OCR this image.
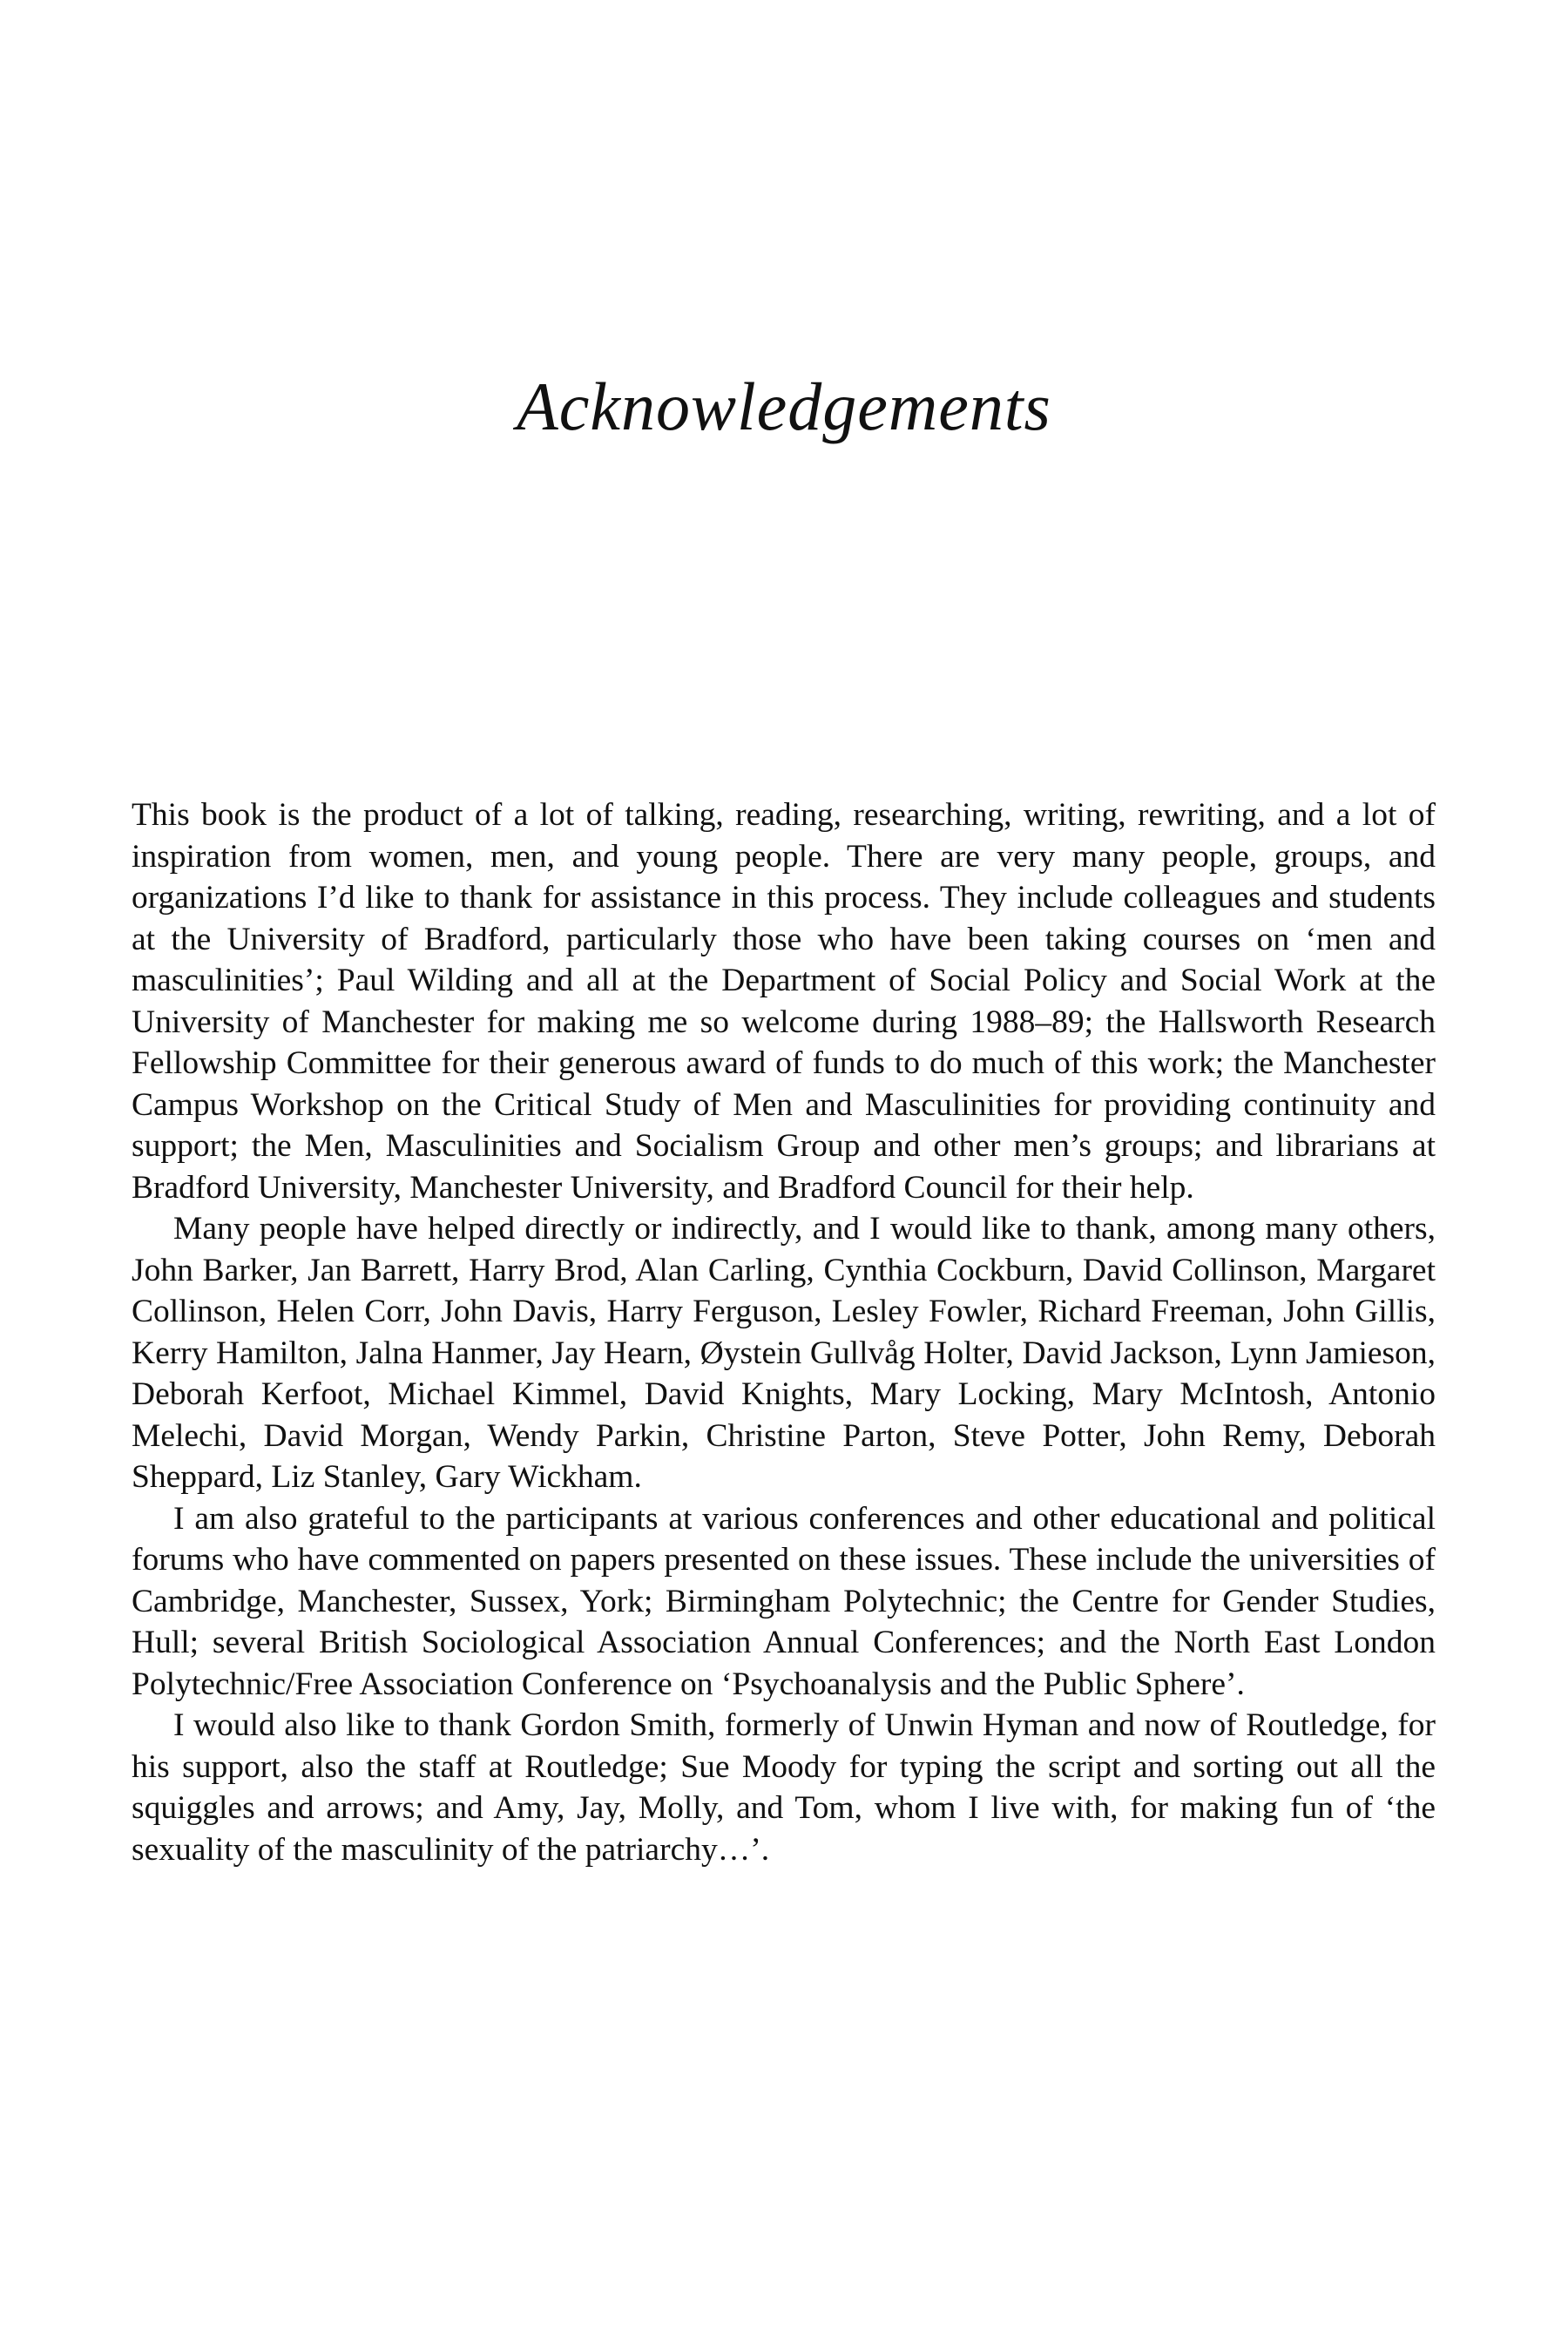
Acknowledgements

This book is the product of a lot of talking, reading, researching, writing, rewriting, and a lot of inspiration from women, men, and young people. There are very many people, groups, and organizations I’d like to thank for assistance in this process. They include colleagues and students at the University of Bradford, particularly those who have been taking courses on ‘men and masculinities’; Paul Wilding and all at the Department of Social Policy and Social Work at the University of Manchester for making me so welcome during 1988–89; the Hallsworth Research Fellowship Committee for their generous award of funds to do much of this work; the Manchester Campus Workshop on the Critical Study of Men and Masculinities for providing continuity and support; the Men, Masculinities and Socialism Group and other men’s groups; and librarians at Bradford University, Manchester University, and Bradford Council for their help.

Many people have helped directly or indirectly, and I would like to thank, among many others, John Barker, Jan Barrett, Harry Brod, Alan Carling, Cynthia Cockburn, David Collinson, Margaret Collinson, Helen Corr, John Davis, Harry Ferguson, Lesley Fowler, Richard Freeman, John Gillis, Kerry Hamilton, Jalna Hanmer, Jay Hearn, Øystein Gullvåg Holter, David Jackson, Lynn Jamieson, Deborah Kerfoot, Michael Kimmel, David Knights, Mary Locking, Mary McIntosh, Antonio Melechi, David Morgan, Wendy Parkin, Christine Parton, Steve Potter, John Remy, Deborah Sheppard, Liz Stanley, Gary Wickham.

I am also grateful to the participants at various conferences and other educational and political forums who have commented on papers presented on these issues. These include the universities of Cambridge, Manchester, Sussex, York; Birmingham Polytechnic; the Centre for Gender Studies, Hull; several British Sociological Association Annual Conferences; and the North East London Polytechnic/Free Association Conference on ‘Psychoanalysis and the Public Sphere’.

I would also like to thank Gordon Smith, formerly of Unwin Hyman and now of Routledge, for his support, also the staff at Routledge; Sue Moody for typing the script and sorting out all the squiggles and arrows; and Amy, Jay, Molly, and Tom, whom I live with, for making fun of ‘the sexuality of the masculinity of the patriarchy…’.
